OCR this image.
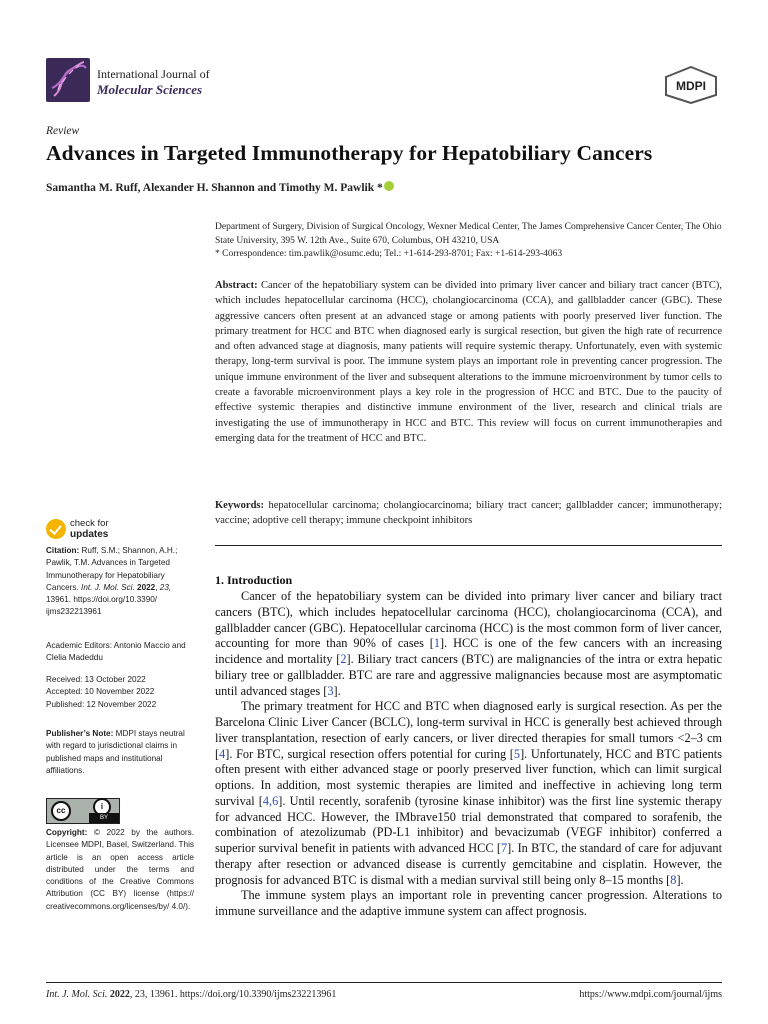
International Journal of
Molecular Sciences	MDPI
Review
Advances in Targeted Immunotherapy for Hepatobiliary Cancers
Samantha M. Ruff, Alexander H. Shannon and Timothy M. Pawlik *
Department of Surgery, Division of Surgical Oncology, Wexner Medical Center, The James Comprehensive Cancer Center, The Ohio State University, 395 W. 12th Ave., Suite 670, Columbus, OH 43210, USA
* Correspondence: tim.pawlik@osumc.edu; Tel.: +1-614-293-8701; Fax: +1-614-293-4063
Abstract: Cancer of the hepatobiliary system can be divided into primary liver cancer and biliary tract cancer (BTC), which includes hepatocellular carcinoma (HCC), cholangiocarcinoma (CCA), and gallbladder cancer (GBC). These aggressive cancers often present at an advanced stage or among patients with poorly preserved liver function. The primary treatment for HCC and BTC when diagnosed early is surgical resection, but given the high rate of recurrence and often advanced stage at diagnosis, many patients will require systemic therapy. Unfortunately, even with systemic therapy, long-term survival is poor. The immune system plays an important role in preventing cancer progression. The unique immune environment of the liver and subsequent alterations to the immune microenvironment by tumor cells to create a favorable microenvironment plays a key role in the progression of HCC and BTC. Due to the paucity of effective systemic therapies and distinctive immune environment of the liver, research and clinical trials are investigating the use of immunotherapy in HCC and BTC. This review will focus on current immunotherapies and emerging data for the treatment of HCC and BTC.
Keywords: hepatocellular carcinoma; cholangiocarcinoma; biliary tract cancer; gallbladder cancer; immunotherapy; vaccine; adoptive cell therapy; immune checkpoint inhibitors
1. Introduction

Cancer of the hepatobiliary system can be divided into primary liver cancer and biliary tract cancers (BTC), which includes hepatocellular carcinoma (HCC), cholangiocarcinoma (CCA), and gallbladder cancer (GBC). Hepatocellular carcinoma (HCC) is the most common form of liver cancer, accounting for more than 90% of cases [1]. HCC is one of the few cancers with an increasing incidence and mortality [2]. Biliary tract cancers (BTC) are malignancies of the intra or extra hepatic biliary tree or gallbladder. BTC are rare and aggressive malignancies because most are asymptomatic until advanced stages [3].

The primary treatment for HCC and BTC when diagnosed early is surgical resection. As per the Barcelona Clinic Liver Cancer (BCLC), long-term survival in HCC is generally best achieved through liver transplantation, resection of early cancers, or liver directed therapies for small tumors <2–3 cm [4]. For BTC, surgical resection offers potential for curing [5]. Unfortunately, HCC and BTC patients often present with either advanced stage or poorly preserved liver function, which can limit surgical options. In addition, most systemic therapies are limited and ineffective in achieving long term survival [4,6]. Until recently, sorafenib (tyrosine kinase inhibitor) was the first line systemic therapy for advanced HCC. However, the IMbrave150 trial demonstrated that compared to sorafenib, the combination of atezolizumab (PD-L1 inhibitor) and bevacizumab (VEGF inhibitor) conferred a superior survival benefit in patients with advanced HCC [7]. In BTC, the standard of care for adjuvant therapy after resection or advanced disease is currently gemcitabine and cisplatin. However, the prognosis for advanced BTC is dismal with a median survival still being only 8–15 months [8].

The immune system plays an important role in preventing cancer progression. Alterations to immune surveillance and the adaptive immune system can affect prognosis.

check for
updates
Citation: Ruff, S.M.; Shannon, A.H.; Pawlik, T.M. Advances in Targeted Immunotherapy for Hepatobiliary Cancers. Int. J. Mol. Sci. 2022, 23, 13961. https://doi.org/10.3390/ ijms232213961
Academic Editors: Antonio Maccio and Clelia Madeddu
Received: 13 October 2022
Accepted: 10 November 2022
Published: 12 November 2022
Publisher’s Note: MDPI stays neutral with regard to jurisdictional claims in published maps and institutional affiliations.
cc	i
BY
Copyright: © 2022 by the authors. Licensee MDPI, Basel, Switzerland. This article is an open access article distributed under the terms and conditions of the Creative Commons Attribution (CC BY) license (https:// creativecommons.org/licenses/by/ 4.0/).
Int. J. Mol. Sci. 2022, 23, 13961. https://doi.org/10.3390/ijms232213961	https://www.mdpi.com/journal/ijms
